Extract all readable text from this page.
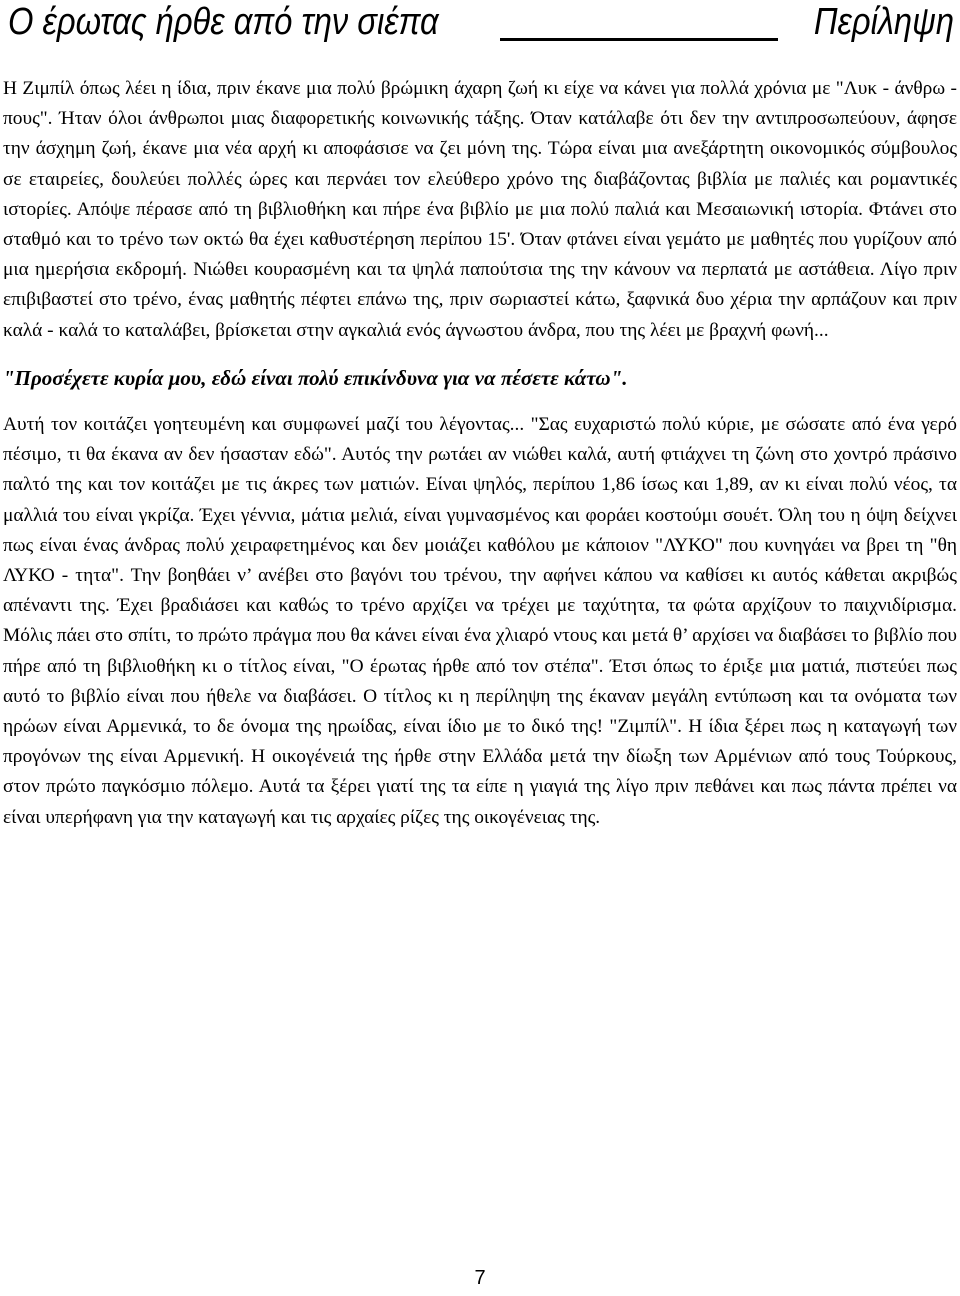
Ο έρωτας ήρθε από την σιέπα	Περίληψη

Η Ζιμπίλ όπως λέει η ίδια, πριν έκανε μια πολύ βρώμικη άχαρη ζωή κι είχε να κάνει για πολλά χρόνια με "Λυκ - άνθρω - πους". Ήταν όλοι άνθρωποι μιας διαφορετικής κοινωνικής τάξης. Όταν κατάλαβε ότι δεν την αντιπροσωπεύουν, άφησε την άσχημη ζωή, έκανε μια νέα αρχή κι αποφάσισε να ζει μόνη της. Τώρα είναι μια ανεξάρτητη οικονομικός σύμβουλος σε εταιρείες, δουλεύει πολλές ώρες και περνάει τον ελεύθερο χρόνο της διαβάζοντας βιβλία με παλιές και ρομαντικές ιστορίες. Απόψε πέρασε από τη βιβλιοθήκη και πήρε ένα βιβλίο με μια πολύ παλιά και Μεσαιωνική ιστορία. Φτάνει στο σταθμό και το τρένο των οκτώ θα έχει καθυστέρηση περίπου 15'. Όταν φτάνει είναι γεμάτο με μαθητές που γυρίζουν από μια ημερήσια εκδρομή. Νιώθει κουρασμένη και τα ψηλά παπούτσια της την κάνουν να περπατά με αστάθεια. Λίγο πριν επιβιβαστεί στο τρένο, ένας μαθητής πέφτει επάνω της, πριν σωριαστεί κάτω, ξαφνικά δυο χέρια την αρπάζουν και πριν καλά - καλά το καταλάβει, βρίσκεται στην αγκαλιά ενός άγνωστου άνδρα, που της λέει με βραχνή φωνή...

"Προσέχετε κυρία μου, εδώ είναι πολύ επικίνδυνα για να πέσετε κάτω".

Αυτή τον κοιτάζει γοητευμένη και συμφωνεί μαζί του λέγοντας... "Σας ευχαριστώ πολύ κύριε, με σώσατε από ένα γερό πέσιμο, τι θα έκανα αν δεν ήσασταν εδώ". Αυτός την ρωτάει αν νιώθει καλά, αυτή φτιάχνει τη ζώνη στο χοντρό πράσινο παλτό της και τον κοιτάζει με τις άκρες των ματιών. Είναι ψηλός, περίπου 1,86 ίσως και 1,89, αν κι είναι πολύ νέος, τα μαλλιά του είναι γκρίζα. Έχει γέννια, μάτια μελιά, είναι γυμνασμένος και φοράει κοστούμι σουέτ. Όλη του η όψη δείχνει πως είναι ένας άνδρας πολύ χειραφετημένος και δεν μοιάζει καθόλου με κάποιον "ΛΥΚΟ" που κυνηγάει να βρει τη "θη ΛΥΚΟ - τητα". Την βοηθάει ν’ ανέβει στο βαγόνι του τρένου, την αφήνει κάπου να καθίσει κι αυτός κάθεται ακριβώς απέναντι της. Έχει βραδιάσει και καθώς το τρένο αρχίζει να τρέχει με ταχύτητα, τα φώτα αρχίζουν το παιχνιδίρισμα. Μόλις πάει στο σπίτι, το πρώτο πράγμα που θα κάνει είναι ένα χλιαρό ντους και μετά θ’ αρχίσει να διαβάσει το βιβλίο που πήρε από τη βιβλιοθήκη κι ο τίτλος είναι, "Ο έρωτας ήρθε από τον στέπα". Έτσι όπως το έριξε μια ματιά, πιστεύει πως αυτό το βιβλίο είναι που ήθελε να διαβάσει. Ο τίτλος κι η περίληψη της έκαναν μεγάλη εντύπωση και τα ονόματα των ηρώων είναι Αρμενικά, το δε όνομα της ηρωίδας, είναι ίδιο με το δικό της! "Ζιμπίλ". Η ίδια ξέρει πως η καταγωγή των προγόνων της είναι Αρμενική. Η οικογένειά της ήρθε στην Ελλάδα μετά την δίωξη των Αρμένιων από τους Τούρκους, στον πρώτο παγκόσμιο πόλεμο. Αυτά τα ξέρει γιατί της τα είπε η γιαγιά της λίγο πριν πεθάνει και πως πάντα πρέπει να είναι υπερήφανη για την καταγωγή και τις αρχαίες ρίζες της οικογένειας της.

7
